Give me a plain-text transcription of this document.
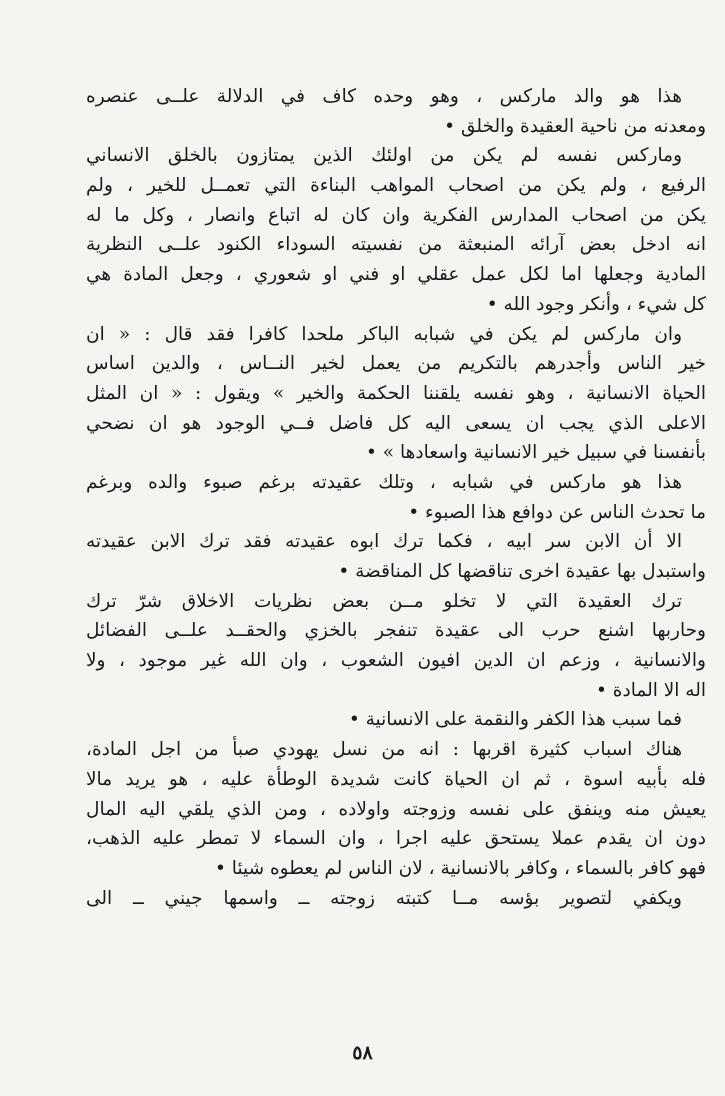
هذا هو والد ماركس ، وهو وحده كاف في الدلالة علــى عنصره
ومعدنه من ناحية العقيدة والخلق •
وماركس نفسه لم يكن من اولئك الذين يمتازون بالخلق الانساني
الرفيع ، ولم يكن من اصحاب المواهب البناءة التي تعمــل للخير ، ولم
يكن من اصحاب المدارس الفكرية وان كان له اتباع وانصار ، وكل ما له
انه ادخل بعض آرائه المنبعثة من نفسيته السوداء الكنود علــى النظرية
المادية وجعلها اما لكل عمل عقلي او فني او شعوري ، وجعل المادة هي
كل شيء ، وأنكر وجود الله •
وان ماركس لم يكن في شبابه الباكر ملحدا كافرا فقد قال : « ان
خير الناس وأجدرهم بالتكريم من يعمل لخير النــاس ، والدين اساس
الحياة الانسانية ، وهو نفسه يلقننا الحكمة والخير » ويقول : « ان المثل
الاعلى الذي يجب ان يسعى اليه كل فاضل فــي الوجود هو ان نضحي
بأنفسنا في سبيل خير الانسانية واسعادها » •
هذا هو ماركس في شبابه ، وتلك عقيدته برغم صبوء والده وبرغم
ما تحدث الناس عن دوافع هذا الصبوء •
الا أن الابن سر ابيه ، فكما ترك ابوه عقيدته فقد ترك الابن عقيدته
واستبدل بها عقيدة اخرى تناقضها كل المناقضة •
ترك العقيدة التي لا تخلو مــن بعض نظريات الاخلاق شرّ ترك
وحاربها اشنع حرب الى عقيدة تنفجر بالخزي والحقــد علــى الفضائل
والانسانية ، وزعم ان الدين افيون الشعوب ، وان الله غير موجود ، ولا
اله الا المادة •
فما سبب هذا الكفر والنقمة على الانسانية •
هناك اسباب كثيرة اقربها : انه من نسل يهودي صبأ من اجل المادة،
فله بأبيه اسوة ، ثم ان الحياة كانت شديدة الوطأة عليه ، هو يريد مالا
يعيش منه وينفق على نفسه وزوجته واولاده ، ومن الذي يلقي اليه المال
دون ان يقدم عملا يستحق عليه اجرا ، وان السماء لا تمطر عليه الذهب،
فهو كافر بالسماء ، وكافر بالانسانية ، لان الناس لم يعطوه شيئا •
ويكفي لتصوير بؤسه مــا كتبته زوجته ــ واسمها جيني ــ الى
٥٨
